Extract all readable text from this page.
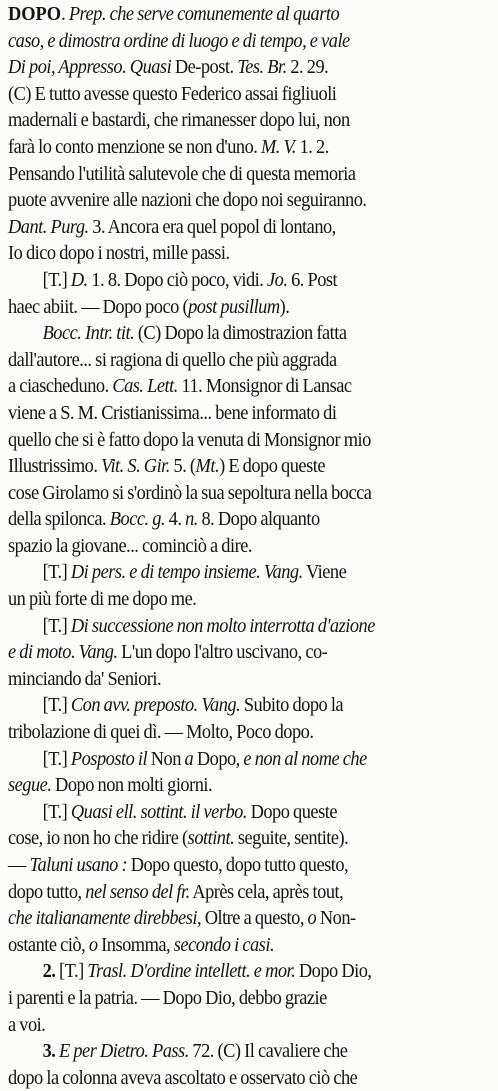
DOPO. Prep. che serve comunemente al quarto
caso, e dimostra ordine di luogo e di tempo, e vale
Di poi, Appresso. Quasi De-post. Tes. Br. 2. 29.
(C) E tutto avesse questo Federico assai figliuoli
madernali e bastardi, che rimanesser dopo lui, non
farà lo conto menzione se non d'uno. M. V. 1. 2.
Pensando l'utilità salutevole che di questa memoria
puote avvenire alle nazioni che dopo noi seguiranno.
Dant. Purg. 3. Ancora era quel popol di lontano,
Io dico dopo i nostri, mille passi.
[T.] D. 1. 8. Dopo ciò poco, vidi. Jo. 6. Post
haec abiit. — Dopo poco (post pusillum).
Bocc. Intr. tit. (C) Dopo la dimostrazion fatta
dall'autore... si ragiona di quello che più aggrada
a ciascheduno. Cas. Lett. 11. Monsignor di Lansac
viene a S. M. Cristianissima... bene informato di
quello che si è fatto dopo la venuta di Monsignor mio
Illustrissimo. Vit. S. Gir. 5. (Mt.) E dopo queste
cose Girolamo si s'ordinò la sua sepoltura nella bocca
della spilonca. Bocc. g. 4. n. 8. Dopo alquanto
spazio la giovane... cominciò a dire.
[T.] Di pers. e di tempo insieme. Vang. Viene
un più forte di me dopo me.
[T.] Di successione non molto interrotta d'azione
e di moto. Vang. L'un dopo l'altro uscivano, co-
minciando da' Seniori.
[T.] Con avv. preposto. Vang. Subito dopo la
tribolazione di quei dì. — Molto, Poco dopo.
[T.] Posposto il Non a Dopo, e non al nome che
segue. Dopo non molti giorni.
[T.] Quasi ell. sottint. il verbo. Dopo queste
cose, io non ho che ridire (sottint. seguite, sentite).
— Taluni usano : Dopo questo, dopo tutto questo,
dopo tutto, nel senso del fr. Après cela, après tout,
che italianamente direbbesi, Oltre a questo, o Non-
ostante ciò, o Insomma, secondo i casi.
2. [T.] Trasl. D'ordine intellett. e mor. Dopo Dio,
i parenti e la patria. — Dopo Dio, debbo grazie
a voi.
3. E per Dietro. Pass. 72. (C) Il cavaliere che
dopo la colonna aveva ascoltato e osservato ciò che
